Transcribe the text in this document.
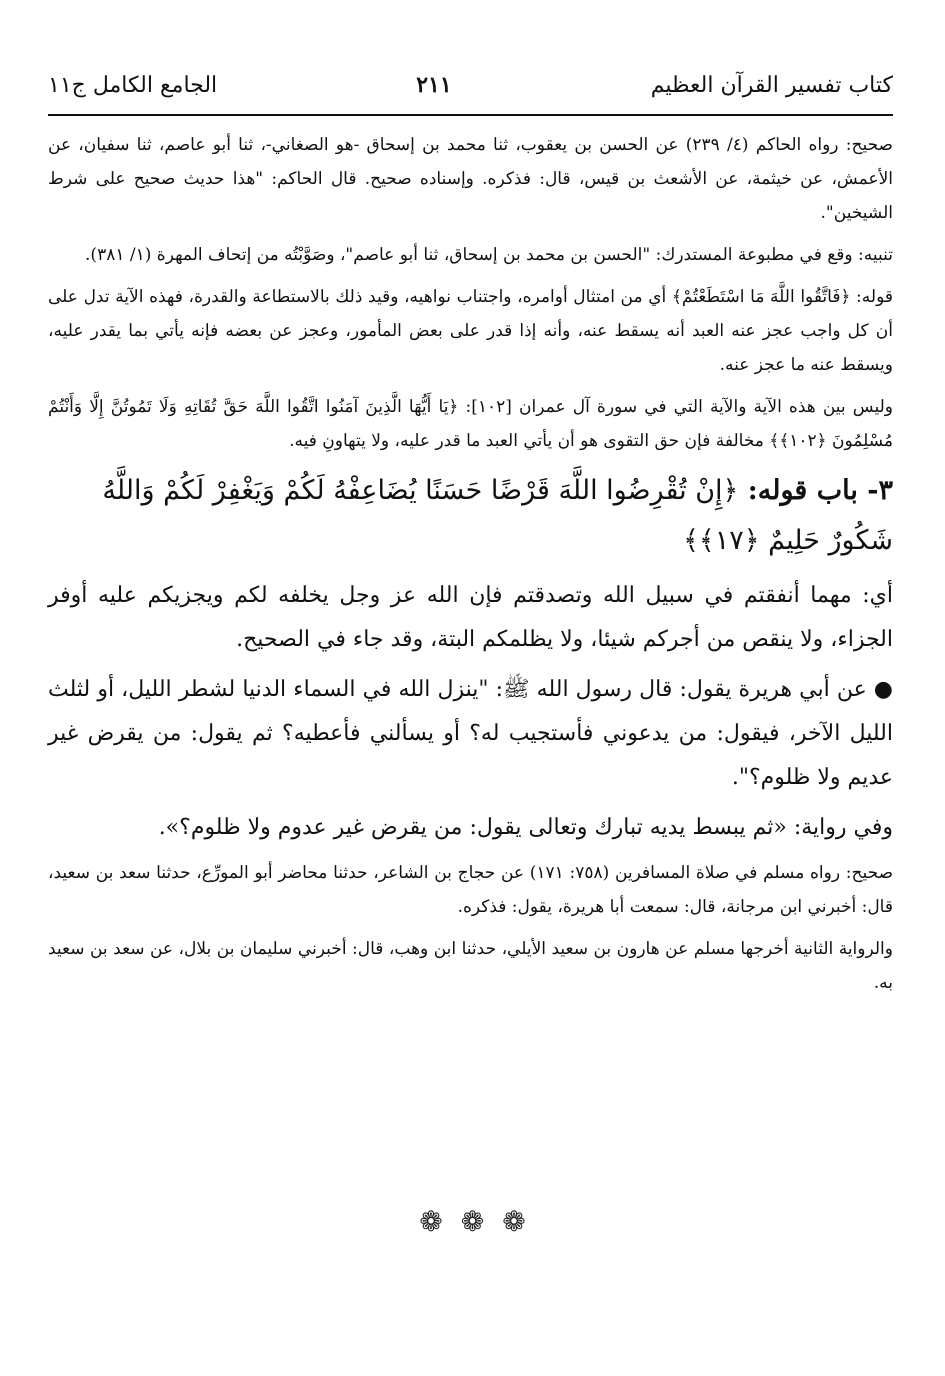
كتاب تفسير القرآن العظيم
٢١١
الجامع الكامل ج١١

صحيح: رواه الحاكم (٤/ ٢٣٩) عن الحسن بن يعقوب، ثنا محمد بن إسحاق -هو الصغاني-، ثنا أبو عاصم، ثنا سفيان، عن الأعمش، عن خيثمة، عن الأشعث بن قيس، قال: فذكره. وإسناده صحيح. قال الحاكم: "هذا حديث صحيح على شرط الشيخين".

تنبيه: وقع في مطبوعة المستدرك: "الحسن بن محمد بن إسحاق، ثنا أبو عاصم"، وصَوَّبْتُه من إتحاف المهرة (١/ ٣٨١).

قوله: ﴿فَاتَّقُوا اللَّهَ مَا اسْتَطَعْتُمْ﴾ أي من امتثال أوامره، واجتناب نواهيه، وقيد ذلك بالاستطاعة والقدرة، فهذه الآية تدل على أن كل واجب عجز عنه العبد أنه يسقط عنه، وأنه إذا قدر على بعض المأمور، وعجز عن بعضه فإنه يأتي بما يقدر عليه، ويسقط عنه ما عجز عنه.

وليس بين هذه الآية والآية التي في سورة آل عمران [١٠٢]: ﴿يَا أَيُّهَا الَّذِينَ آمَنُوا اتَّقُوا اللَّهَ حَقَّ تُقَاتِهِ وَلَا تَمُوتُنَّ إِلَّا وَأَنْتُمْ مُسْلِمُونَ ﴿١٠٢﴾﴾ مخالفة فإن حق التقوى هو أن يأتي العبد ما قدر عليه، ولا يتهاونِ فيه.

٣- باب قوله: ﴿إِنْ تُقْرِضُوا اللَّهَ قَرْضًا حَسَنًا يُضَاعِفْهُ لَكُمْ وَيَغْفِرْ لَكُمْ وَاللَّهُ شَكُورٌ حَلِيمٌ ﴿١٧﴾﴾

أي: مهما أنفقتم في سبيل الله وتصدقتم فإن الله عز وجل يخلفه لكم ويجزيكم عليه أوفر الجزاء، ولا ينقص من أجركم شيئا، ولا يظلمكم البتة، وقد جاء في الصحيح.

● عن أبي هريرة يقول: قال رسول الله ﷺ: "ينزل الله في السماء الدنيا لشطر الليل، أو لثلث الليل الآخر، فيقول: من يدعوني فأستجيب له؟ أو يسألني فأعطيه؟ ثم يقول: من يقرض غير عديم ولا ظلوم؟".

وفي رواية: «ثم يبسط يديه تبارك وتعالى يقول: من يقرض غير عدوم ولا ظلوم؟».

صحيح: رواه مسلم في صلاة المسافرين (٧٥٨: ١٧١) عن حجاج بن الشاعر، حدثنا محاضر أبو المورِّع، حدثنا سعد بن سعيد، قال: أخبرني ابن مرجانة، قال: سمعت أبا هريرة، يقول: فذكره.

والرواية الثانية أخرجها مسلم عن هارون بن سعيد الأيلي، حدثنا ابن وهب، قال: أخبرني سليمان بن بلال، عن سعد بن سعيد به.

❁ ❁ ❁
